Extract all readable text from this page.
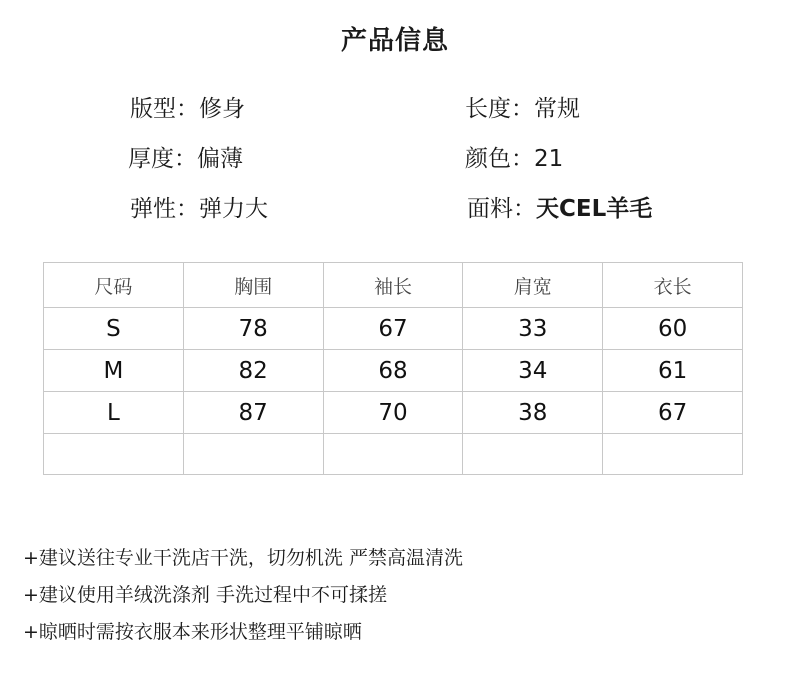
产品信息
版型：修身	长度：常规
厚度：偏薄	颜色：21
弹性：弹力大	面料：天CEL羊毛
尺码	胸围	袖长	肩宽	衣长
S	78	67	33	60
M	82	68	34	61
L	87	70	38	67

+建议送往专业干洗店干洗，切勿机洗 严禁高温清洗
+建议使用羊绒洗涤剂 手洗过程中不可揉搓
+晾晒时需按衣服本来形状整理平铺晾晒
